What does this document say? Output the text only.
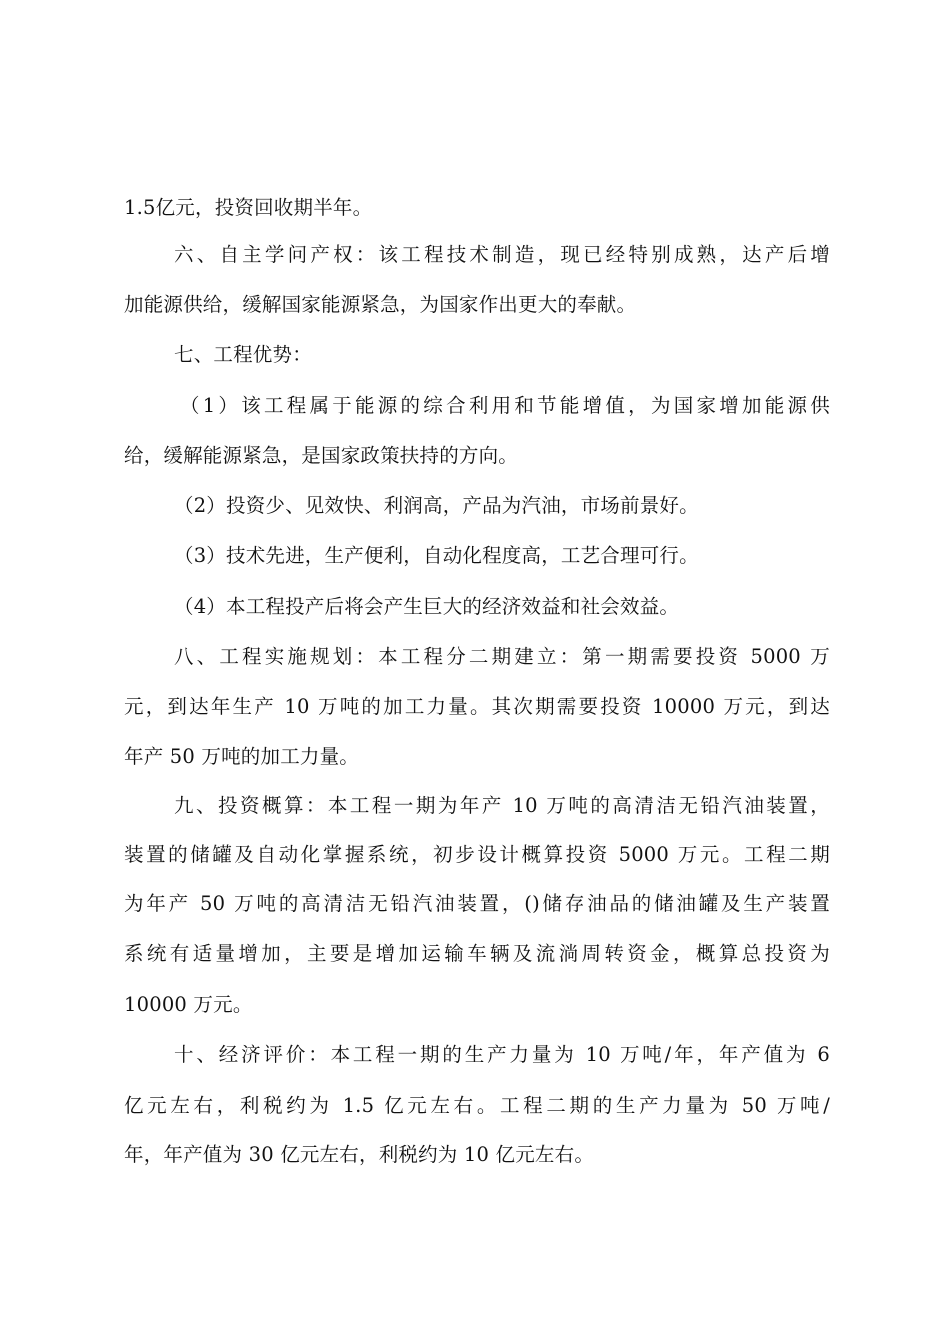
1.5亿元，投资回收期半年。
六、自主学问产权：该工程技术制造，现已经特别成熟，达产后增
加能源供给，缓解国家能源紧急，为国家作出更大的奉献。
七、工程优势：
（1）该工程属于能源的综合利用和节能增值，为国家增加能源供
给，缓解能源紧急，是国家政策扶持的方向。
（2）投资少、见效快、利润高，产品为汽油，市场前景好。
（3）技术先进，生产便利，自动化程度高，工艺合理可行。
（4）本工程投产后将会产生巨大的经济效益和社会效益。
八、工程实施规划：本工程分二期建立：第一期需要投资 5000 万
元，到达年生产 10 万吨的加工力量。其次期需要投资 10000 万元，到达
年产 50 万吨的加工力量。
九、投资概算：本工程一期为年产 10 万吨的高清洁无铅汽油装置，
装置的储罐及自动化掌握系统，初步设计概算投资 5000 万元。工程二期
为年产 50 万吨的高清洁无铅汽油装置，()储存油品的储油罐及生产装置
系统有适量增加，主要是增加运输车辆及流淌周转资金，概算总投资为
10000 万元。
十、经济评价：本工程一期的生产力量为 10 万吨/年，年产值为 6
亿元左右，利税约为 1.5 亿元左右。工程二期的生产力量为 50 万吨/
年，年产值为 30 亿元左右，利税约为 10 亿元左右。
